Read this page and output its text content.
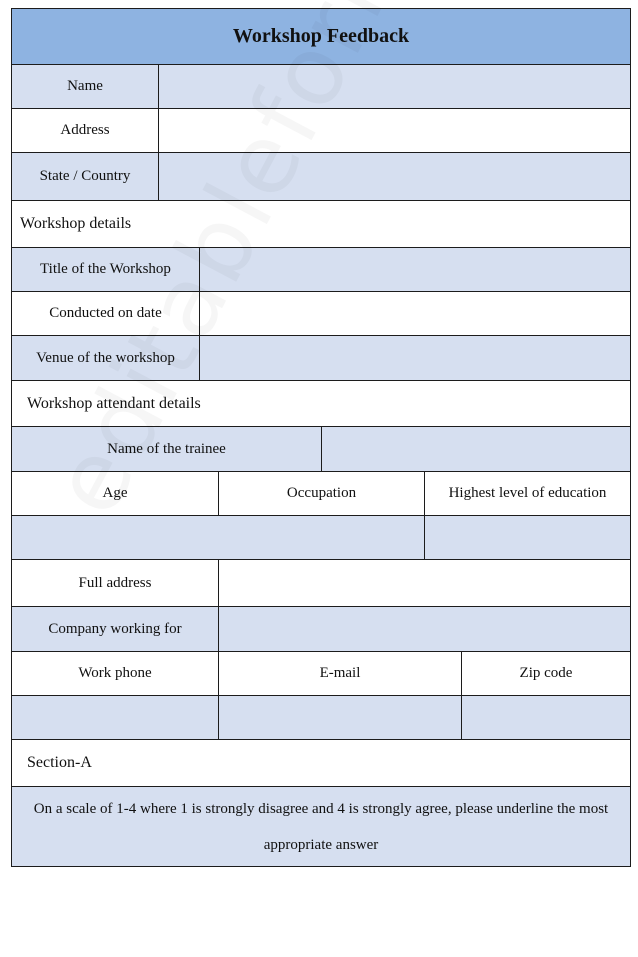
Workshop Feedback
Name
Address
State / Country
Workshop details
Title of the Workshop
Conducted on date
Venue of the workshop
Workshop attendant details
Name of the trainee
Age	Occupation	Highest level of education
Full address
Company working for
Work phone	E-mail	Zip code
Section-A
On a scale of 1-4 where 1 is strongly disagree and 4 is strongly agree, please underline the most appropriate answer
